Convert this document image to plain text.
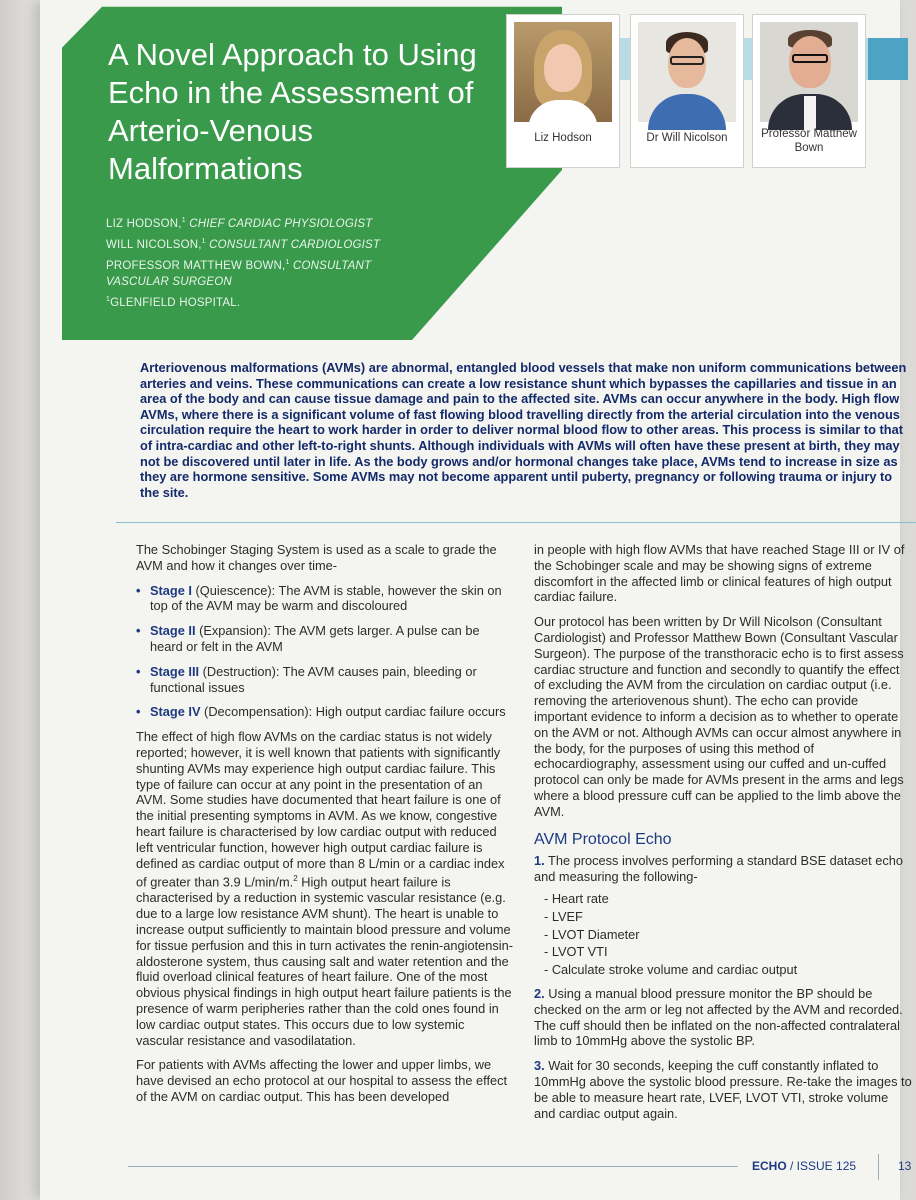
A Novel Approach to Using Echo in the Assessment of Arterio-Venous Malformations
LIZ HODSON,$^1$ CHIEF CARDIAC PHYSIOLOGIST
WILL NICOLSON,$^1$ CONSULTANT CARDIOLOGIST
PROFESSOR MATTHEW BOWN,$^1$ CONSULTANT VASCULAR SURGEON
$^1$GLENFIELD HOSPITAL.
Liz Hodson	Dr Will Nicolson	Professor Matthew Bown
Arteriovenous malformations (AVMs) are abnormal, entangled blood vessels that make non uniform communications between arteries and veins. These communications can create a low resistance shunt which bypasses the capillaries and tissue in an area of the body and can cause tissue damage and pain to the affected site. AVMs can occur anywhere in the body. High flow AVMs, where there is a significant volume of fast flowing blood travelling directly from the arterial circulation into the venous circulation require the heart to work harder in order to deliver normal blood flow to other areas. This process is similar to that of intra-cardiac and other left-to-right shunts. Although individuals with AVMs will often have these present at birth, they may not be discovered until later in life. As the body grows and/or hormonal changes take place, AVMs tend to increase in size as they are hormone sensitive. Some AVMs may not become apparent until puberty, pregnancy or following trauma or injury to the site.

The Schobinger Staging System is used as a scale to grade the AVM and how it changes over time-

• Stage I (Quiescence): The AVM is stable, however the skin on top of the AVM may be warm and discoloured
• Stage II (Expansion): The AVM gets larger. A pulse can be heard or felt in the AVM
• Stage III (Destruction): The AVM causes pain, bleeding or functional issues
• Stage IV (Decompensation): High output cardiac failure occurs

The effect of high flow AVMs on the cardiac status is not widely reported; however, it is well known that patients with significantly shunting AVMs may experience high output cardiac failure. This type of failure can occur at any point in the presentation of an AVM. Some studies have documented that heart failure is one of the initial presenting symptoms in AVM. As we know, congestive heart failure is characterised by low cardiac output with reduced left ventricular function, however high output cardiac failure is defined as cardiac output of more than 8 L/min or a cardiac index of greater than 3.9 L/min/m.$^2$ High output heart failure is characterised by a reduction in systemic vascular resistance (e.g. due to a large low resistance AVM shunt). The heart is unable to increase output sufficiently to maintain blood pressure and volume for tissue perfusion and this in turn activates the renin-angiotensin-aldosterone system, thus causing salt and water retention and the fluid overload clinical features of heart failure. One of the most obvious physical findings in high output heart failure patients is the presence of warm peripheries rather than the cold ones found in low cardiac output states. This occurs due to low systemic vascular resistance and vasodilatation.

For patients with AVMs affecting the lower and upper limbs, we have devised an echo protocol at our hospital to assess the effect of the AVM on cardiac output. This has been developed

in people with high flow AVMs that have reached Stage III or IV of the Schobinger scale and may be showing signs of extreme discomfort in the affected limb or clinical features of high output cardiac failure.

Our protocol has been written by Dr Will Nicolson (Consultant Cardiologist) and Professor Matthew Bown (Consultant Vascular Surgeon). The purpose of the transthoracic echo is to first assess cardiac structure and function and secondly to quantify the effect of excluding the AVM from the circulation on cardiac output (i.e. removing the arteriovenous shunt). The echo can provide important evidence to inform a decision as to whether to operate on the AVM or not. Although AVMs can occur almost anywhere in the body, for the purposes of using this method of echocardiography, assessment using our cuffed and un-cuffed protocol can only be made for AVMs present in the arms and legs where a blood pressure cuff can be applied to the limb above the AVM.

AVM Protocol Echo

1. The process involves performing a standard BSE dataset echo and measuring the following-

- Heart rate
- LVEF
- LVOT Diameter
- LVOT VTI
- Calculate stroke volume and cardiac output

2. Using a manual blood pressure monitor the BP should be checked on the arm or leg not affected by the AVM and recorded. The cuff should then be inflated on the non-affected contralateral limb to 10mmHg above the systolic BP.

3. Wait for 30 seconds, keeping the cuff constantly inflated to 10mmHg above the systolic blood pressure. Re-take the images to be able to measure heart rate, LVEF, LVOT VTI, stroke volume and cardiac output again.

ECHO / ISSUE 125	13
